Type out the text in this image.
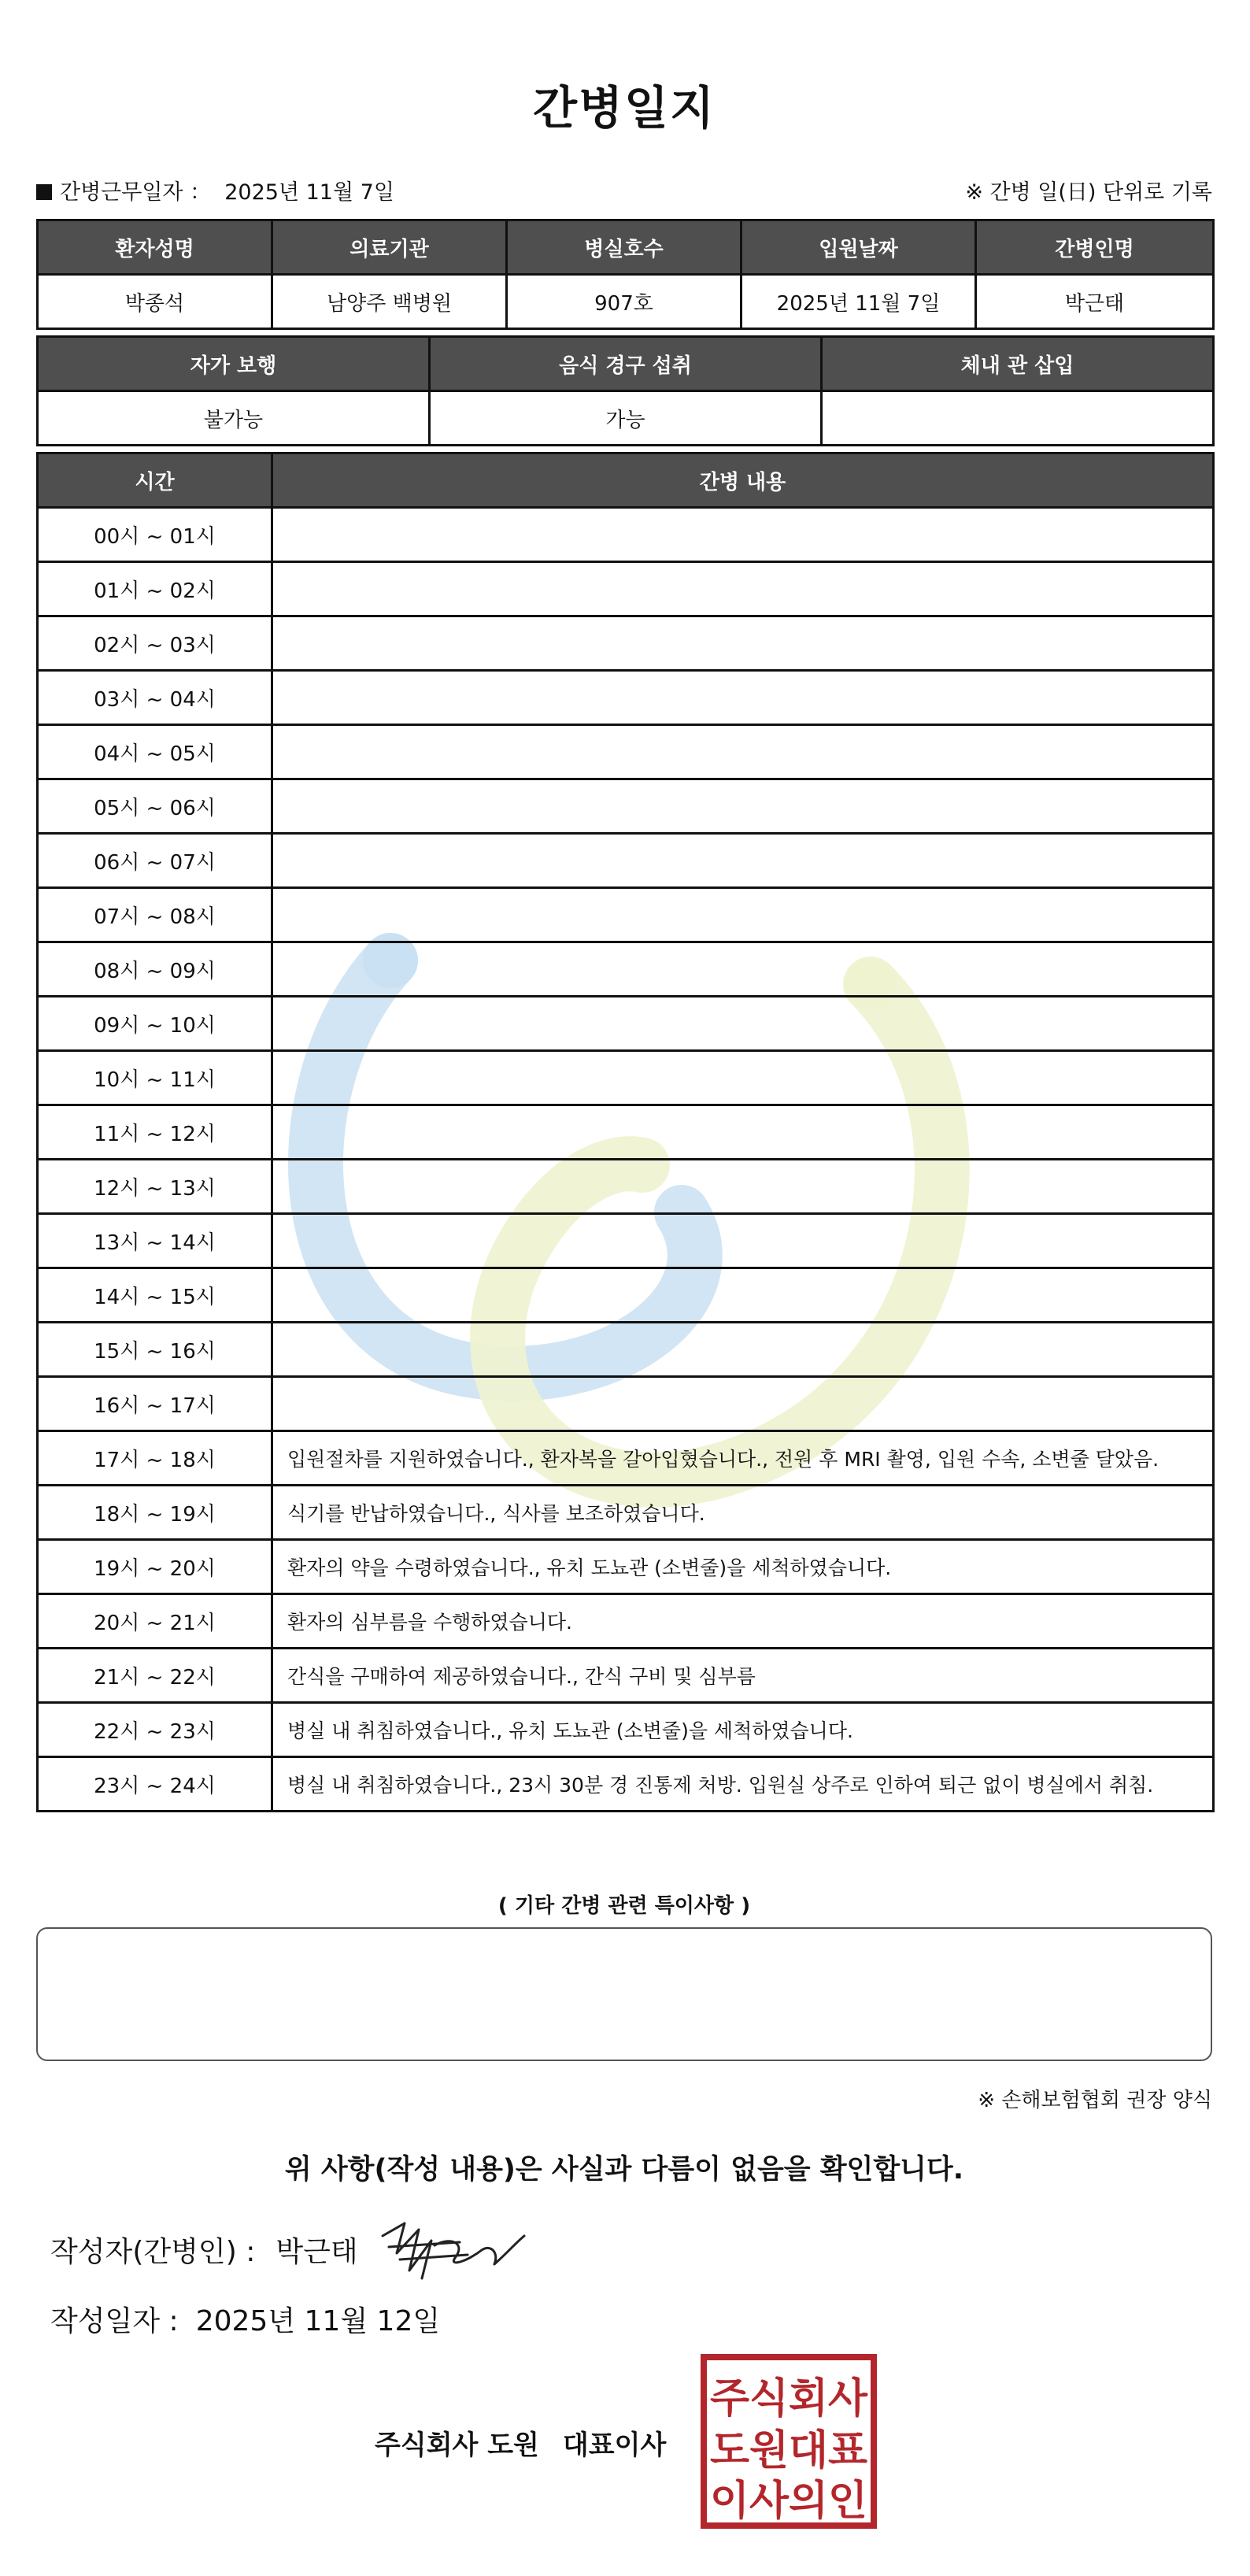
간병일지
간병근무일자 ： 2025년 11월 7일	※ 간병 일(日) 단위로 기록
환자성명	의료기관	병실호수	입원날짜	간병인명
박종석	남양주 백병원	907호	2025년 11월 7일	박근태
자가 보행	음식 경구 섭취	체내 관 삽입
불가능	가능	
시간	간병 내용
00시 ~ 01시	
01시 ~ 02시	
02시 ~ 03시	
03시 ~ 04시	
04시 ~ 05시	
05시 ~ 06시	
06시 ~ 07시	
07시 ~ 08시	
08시 ~ 09시	
09시 ~ 10시	
10시 ~ 11시	
11시 ~ 12시	
12시 ~ 13시	
13시 ~ 14시	
14시 ~ 15시	
15시 ~ 16시	
16시 ~ 17시	
17시 ~ 18시	입원절차를 지원하였습니다., 환자복을 갈아입혔습니다., 전원 후 MRI 촬영, 입원 수속, 소변줄 달았음.
18시 ~ 19시	식기를 반납하였습니다., 식사를 보조하였습니다.
19시 ~ 20시	환자의 약을 수령하였습니다., 유치 도뇨관 (소변줄)을 세척하였습니다.
20시 ~ 21시	환자의 심부름을 수행하였습니다.
21시 ~ 22시	간식을 구매하여 제공하였습니다., 간식 구비 및 심부름
22시 ~ 23시	병실 내 취침하였습니다., 유치 도뇨관 (소변줄)을 세척하였습니다.
23시 ~ 24시	병실 내 취침하였습니다., 23시 30분 경 진통제 처방. 입원실 상주로 인하여 퇴근 없이 병실에서 취침.
( 기타 간병 관련 특이사항 )
※ 손해보험협회 권장 양식
위 사항(작성 내용)은 사실과 다름이 없음을 확인합니다.
작성자(간병인) : 박근태
작성일자 : 2025년 11월 12일
주식회사 도원 대표이사
주식회사
도원대표
이사의인
